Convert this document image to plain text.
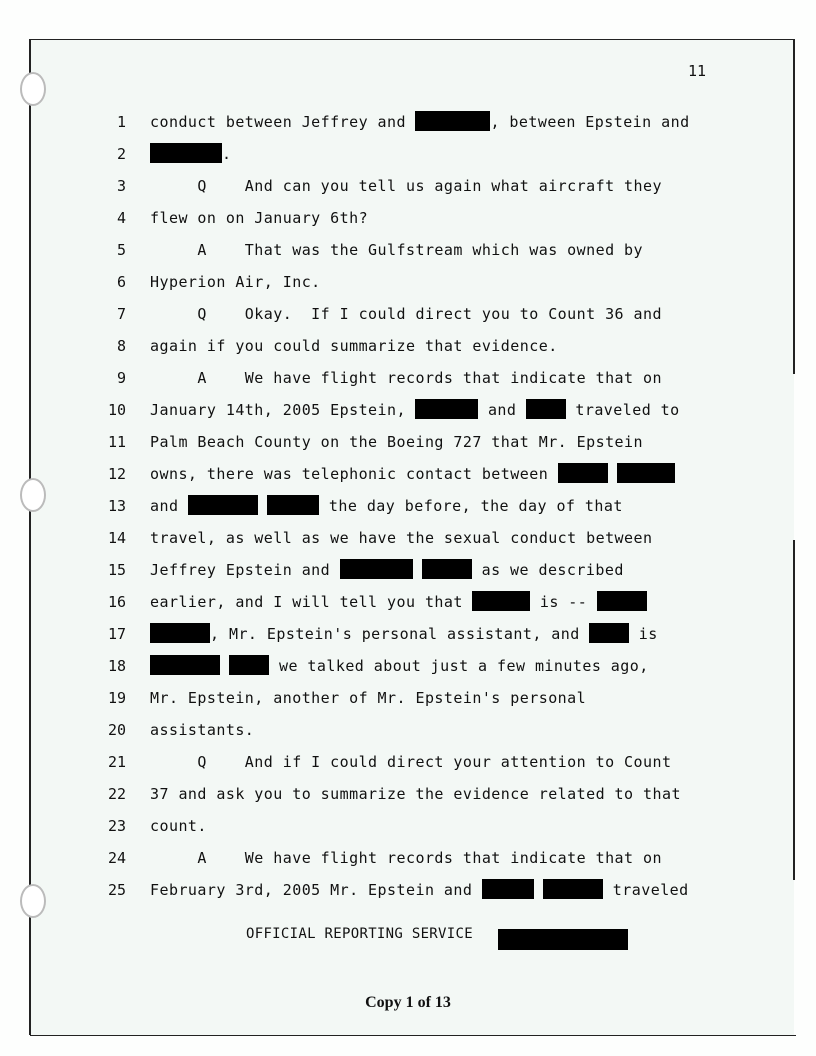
11
1 conduct between Jeffrey and	, between Epstein and
2	.
3 Q    And can you tell us again what aircraft they
4 flew on on January 6th?
5 A    That was the Gulfstream which was owned by
6 Hyperion Air, Inc.
7 Q    Okay.  If I could direct you to Count 36 and
8 again if you could summarize that evidence.
9 A    We have flight records that indicate that on
10 January 14th, 2005 Epstein,	and	traveled to
11 Palm Beach County on the Boeing 727 that Mr. Epstein
12 owns, there was telephonic contact between
13 and	the day before, the day of that
14 travel, as well as we have the sexual conduct between
15 Jeffrey Epstein and	as we described
16 earlier, and I will tell you that	is --
17	, Mr. Epstein's personal assistant, and	is
18	we talked about just a few minutes ago,
19 Mr. Epstein, another of Mr. Epstein's personal
20 assistants.
21 Q    And if I could direct your attention to Count
22 37 and ask you to summarize the evidence related to that
23 count.
24 A    We have flight records that indicate that on
25 February 3rd, 2005 Mr. Epstein and	traveled
OFFICIAL REPORTING SERVICE
Copy 1 of 13
